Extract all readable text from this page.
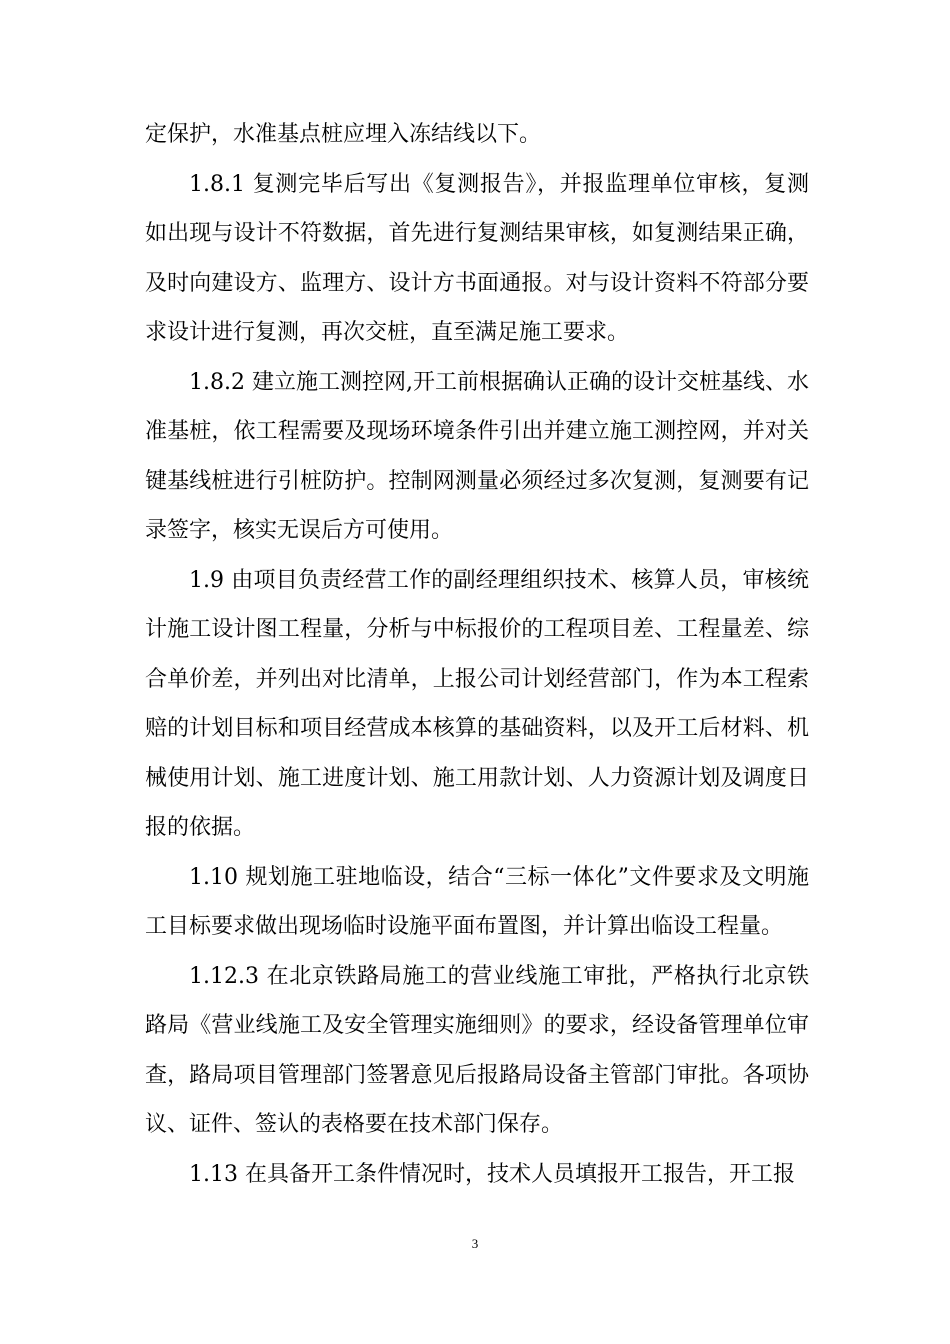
定保护，水准基点桩应埋入冻结线以下。

1.8.1 复测完毕后写出《复测报告》，并报监理单位审核，复测如出现与设计不符数据，首先进行复测结果审核，如复测结果正确，及时向建设方、监理方、设计方书面通报。对与设计资料不符部分要求设计进行复测，再次交桩，直至满足施工要求。

1.8.2 建立施工测控网,开工前根据确认正确的设计交桩基线、水准基桩，依工程需要及现场环境条件引出并建立施工测控网，并对关键基线桩进行引桩防护。控制网测量必须经过多次复测，复测要有记录签字，核实无误后方可使用。

1.9 由项目负责经营工作的副经理组织技术、核算人员，审核统计施工设计图工程量，分析与中标报价的工程项目差、工程量差、综合单价差，并列出对比清单，上报公司计划经营部门，作为本工程索赔的计划目标和项目经营成本核算的基础资料，以及开工后材料、机械使用计划、施工进度计划、施工用款计划、人力资源计划及调度日报的依据。

1.10 规划施工驻地临设，结合“三标一体化”文件要求及文明施工目标要求做出现场临时设施平面布置图，并计算出临设工程量。

1.12.3 在北京铁路局施工的营业线施工审批，严格执行北京铁路局《营业线施工及安全管理实施细则》的要求，经设备管理单位审查，路局项目管理部门签署意见后报路局设备主管部门审批。各项协议、证件、签认的表格要在技术部门保存。

1.13 在具备开工条件情况时，技术人员填报开工报告，开工报

3
